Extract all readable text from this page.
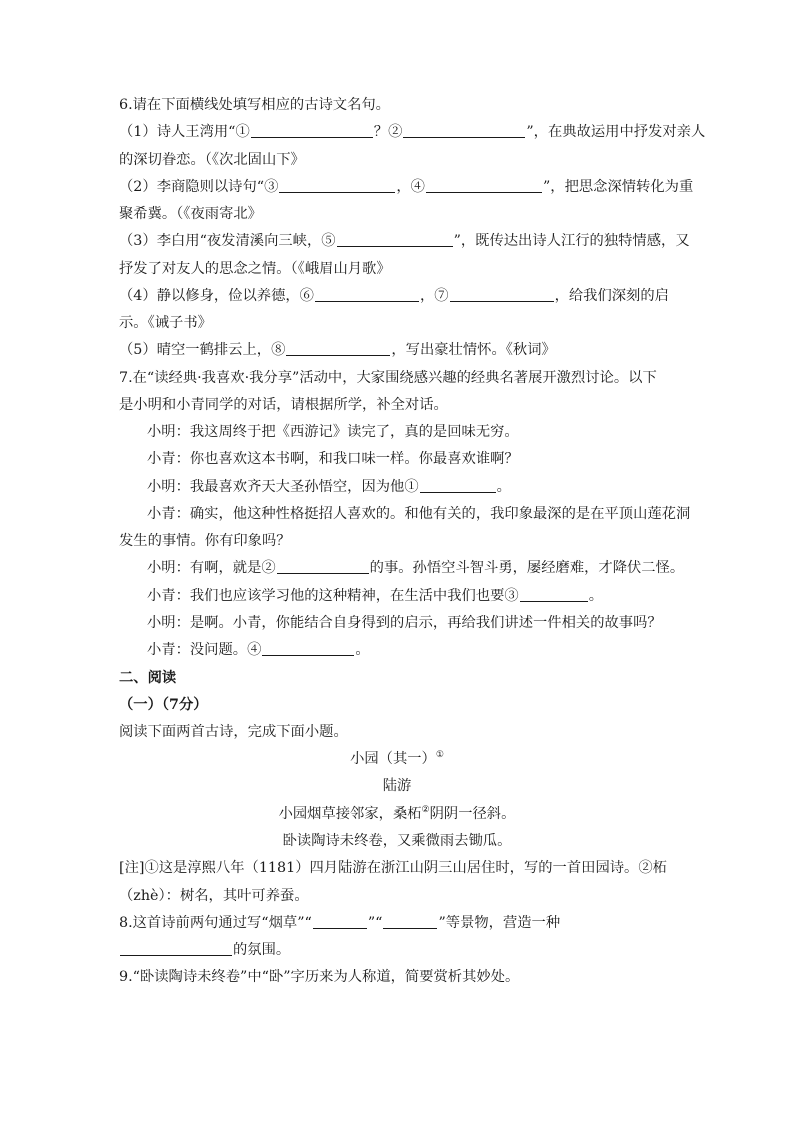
6.请在下面横线处填写相应的古诗文名句。
（1）诗人王湾用“①	？②	”，在典故运用中抒发对亲人
的深切眷恋。（《次北固山下》
（2）李商隐则以诗句“③	，④	”，把思念深情转化为重
聚希冀。（《夜雨寄北》
（3）李白用“夜发清溪向三峡，⑤	”，既传达出诗人江行的独特情感，又
抒发了对友人的思念之情。（《峨眉山月歌》
（4）静以修身，俭以养德，⑥	，⑦	，给我们深刻的启
示。《诫子书》
（5）晴空一鹤排云上，⑧	，写出豪壮情怀。《秋词》
7.在“读经典·我喜欢·我分享”活动中，大家围绕感兴趣的经典名著展开激烈讨论。以下
是小明和小青同学的对话，请根据所学，补全对话。
小明：我这周终于把《西游记》读完了，真的是回味无穷。
小青：你也喜欢这本书啊，和我口味一样。你最喜欢谁啊？
小明：我最喜欢齐天大圣孙悟空，因为他①	。
小青：确实，他这种性格挺招人喜欢的。和他有关的，我印象最深的是在平顶山莲花洞
发生的事情。你有印象吗？
小明：有啊，就是②	的事。孙悟空斗智斗勇，屡经磨难，才降伏二怪。
小青：我们也应该学习他的这种精神，在生活中我们也要③	。
小明：是啊。小青，你能结合自身得到的启示，再给我们讲述一件相关的故事吗？
小青：没问题。④	。
二、阅读
（一）（7分）
阅读下面两首古诗，完成下面小题。
小园（其一）①
陆游
小园烟草接邻家，桑柘②阴阴一径斜。
卧读陶诗未终卷，又乘微雨去锄瓜。
[注]①这是淳熙八年（1181）四月陆游在浙江山阴三山居住时，写的一首田园诗。②柘
（zhè）：树名，其叶可养蚕。
8.这首诗前两句通过写“烟草”“	”“	”等景物，营造一种
的氛围。
9.“卧读陶诗未终卷”中“卧”字历来为人称道，简要赏析其妙处。
